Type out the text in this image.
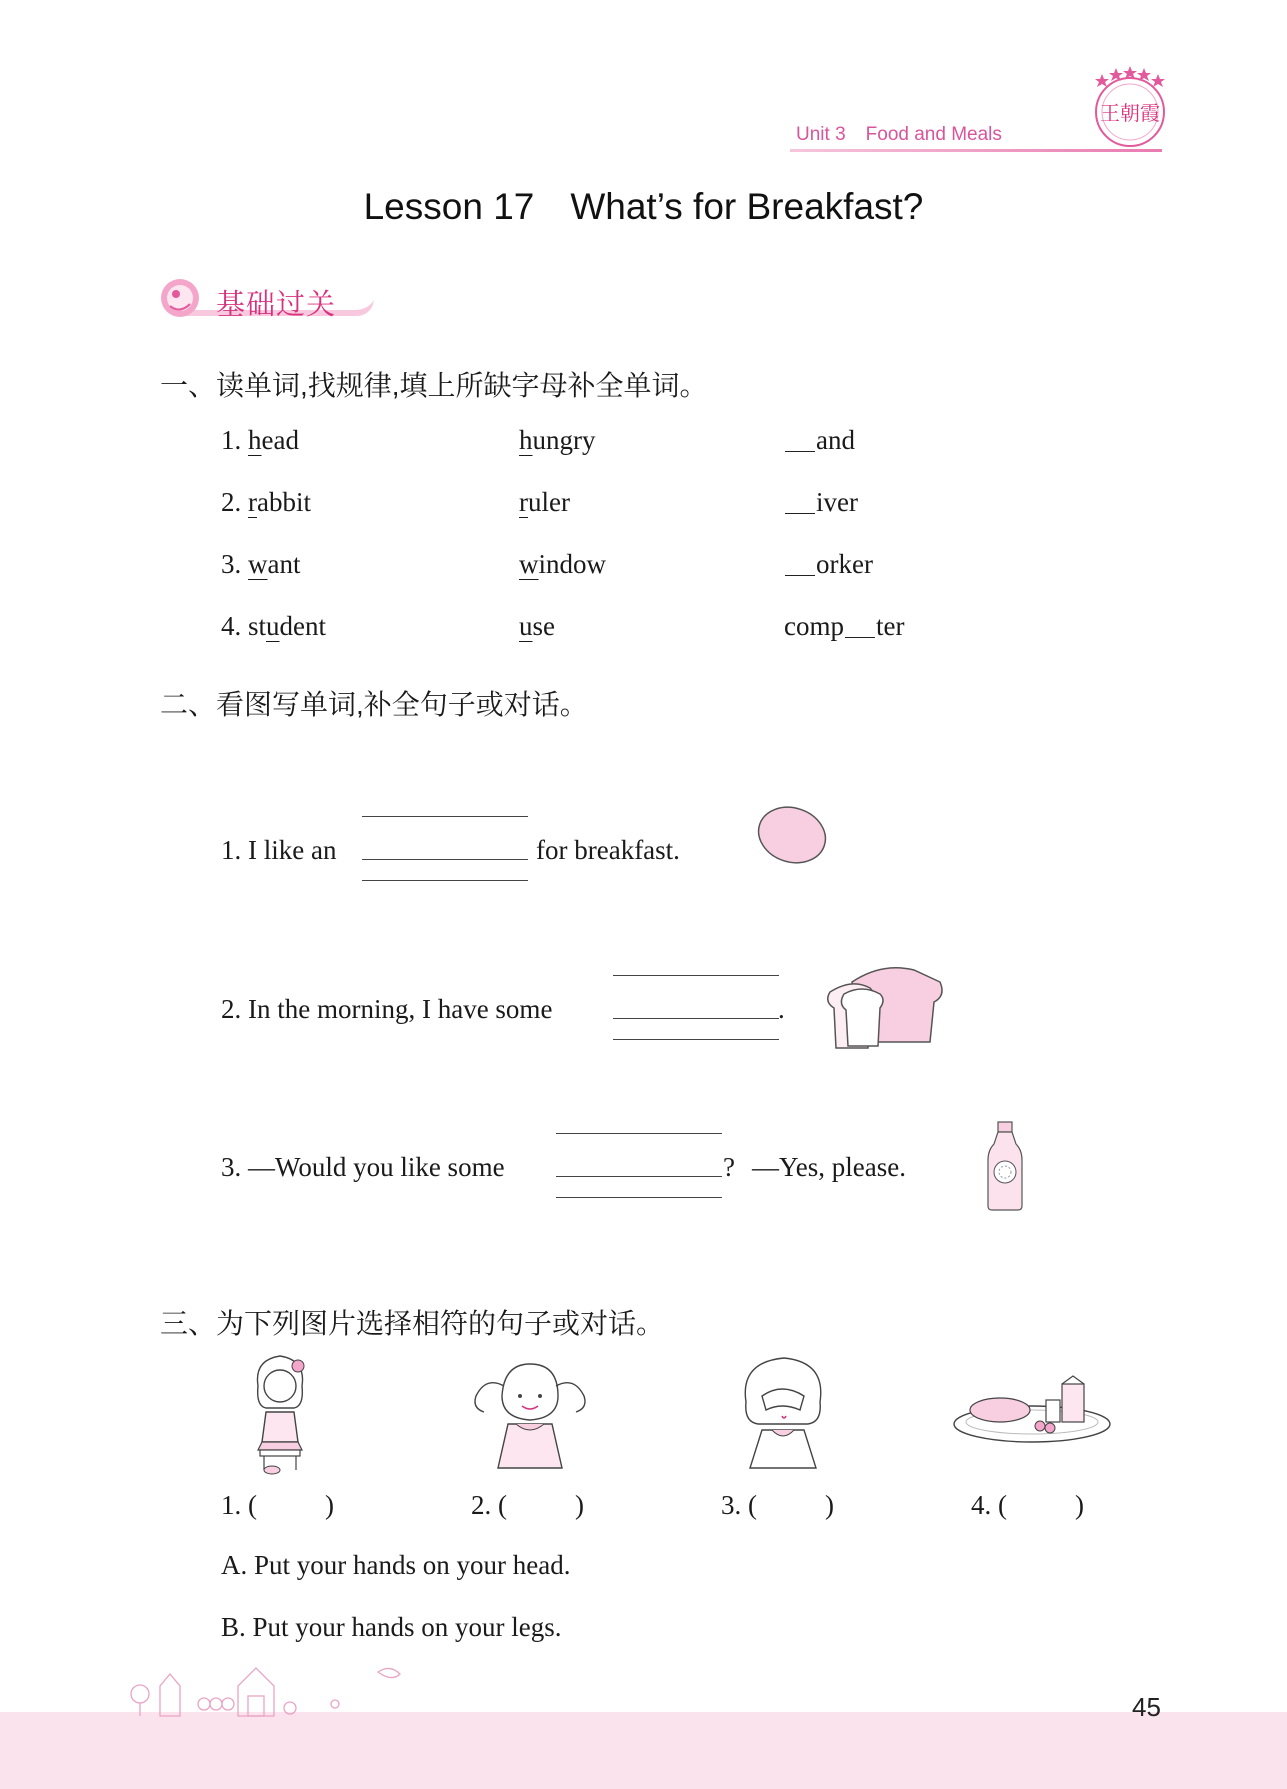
Unit 3 Food and Meals
王朝霞
Lesson 17 What’s for Breakfast?
基础过关
一、读单词,找规律,填上所缺字母补全单词。
1. head	hungry	and
2. rabbit	ruler	iver
3. want	window	orker
4. student	use	comp ter
二、看图写单词,补全句子或对话。
1. I like an	for breakfast.
2. In the morning, I have some	.
3. —Would you like some	? —Yes, please.
三、为下列图片选择相符的句子或对话。
1. (	)	2. (	)	3. (	)	4. (	)
A. Put your hands on your head.
B. Put your hands on your legs.
45
